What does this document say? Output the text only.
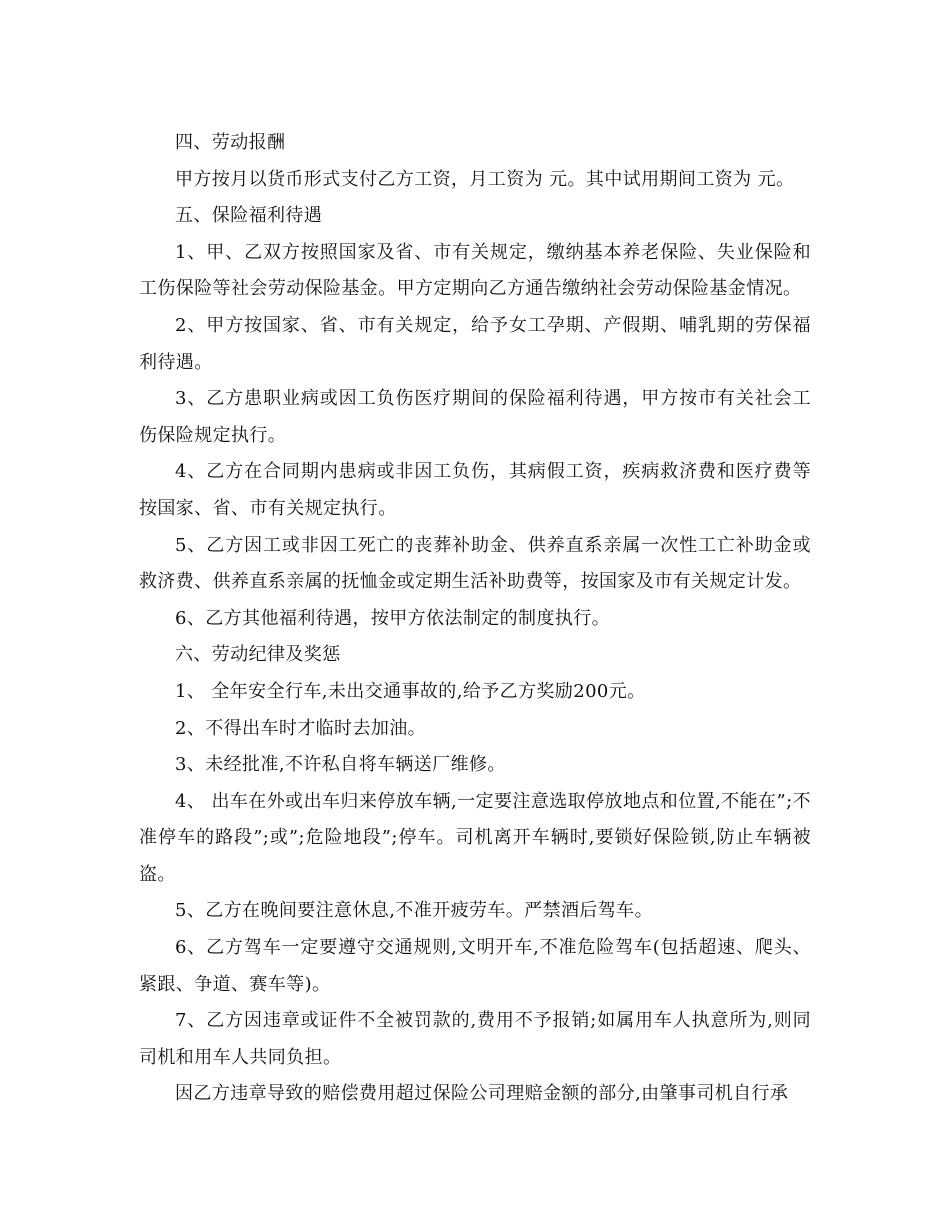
四、劳动报酬

甲方按月以货币形式支付乙方工资，月工资为 元。其中试用期间工资为 元。

五、保险福利待遇

1、甲、乙双方按照国家及省、市有关规定，缴纳基本养老保险、失业保险和工伤保险等社会劳动保险基金。甲方定期向乙方通告缴纳社会劳动保险基金情况。

2、甲方按国家、省、市有关规定，给予女工孕期、产假期、哺乳期的劳保福利待遇。

3、乙方患职业病或因工负伤医疗期间的保险福利待遇，甲方按市有关社会工伤保险规定执行。

4、乙方在合同期内患病或非因工负伤，其病假工资，疾病救济费和医疗费等按国家、省、市有关规定执行。

5、乙方因工或非因工死亡的丧葬补助金、供养直系亲属一次性工亡补助金或救济费、供养直系亲属的抚恤金或定期生活补助费等，按国家及市有关规定计发。

6、乙方其他福利待遇，按甲方依法制定的制度执行。

六、劳动纪律及奖惩

1、 全年安全行车,未出交通事故的,给予乙方奖励200元。

2、不得出车时才临时去加油。

3、未经批准,不许私自将车辆送厂维修。

4、 出车在外或出车归来停放车辆,一定要注意选取停放地点和位置,不能在”;不准停车的路段”;或”;危险地段”;停车。司机离开车辆时,要锁好保险锁,防止车辆被盗。

5、乙方在晚间要注意休息,不准开疲劳车。严禁酒后驾车。

6、乙方驾车一定要遵守交通规则,文明开车,不准危险驾车(包括超速、爬头、紧跟、争道、赛车等)。

7、乙方因违章或证件不全被罚款的,费用不予报销;如属用车人执意所为,则同司机和用车人共同负担。

因乙方违章导致的赔偿费用超过保险公司理赔金额的部分,由肇事司机自行承
